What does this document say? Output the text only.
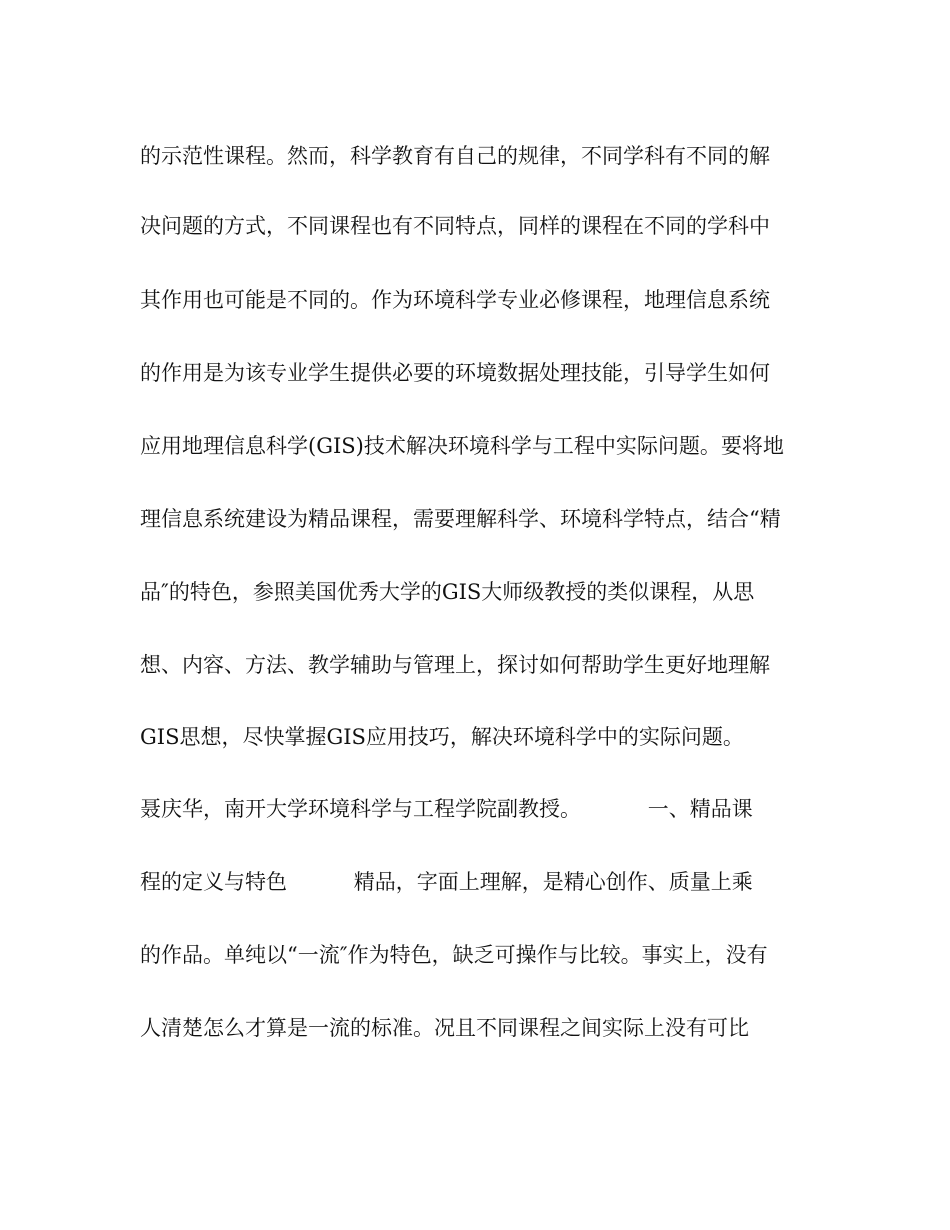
的示范性课程。然而，科学教育有自己的规律，不同学科有不同的解
决问题的方式，不同课程也有不同特点，同样的课程在不同的学科中
其作用也可能是不同的。作为环境科学专业必修课程，地理信息系统
的作用是为该专业学生提供必要的环境数据处理技能，引导学生如何
应用地理信息科学(GIS)技术解决环境科学与工程中实际问题。要将地
理信息系统建设为精品课程，需要理解科学、环境科学特点，结合“精
品″的特色，参照美国优秀大学的GIS大师级教授的类似课程，从思
想、内容、方法、教学辅助与管理上，探讨如何帮助学生更好地理解
GIS思想，尽快掌握GIS应用技巧，解决环境科学中的实际问题。
聂庆华，南开大学环境科学与工程学院副教授。          一、精品课
程的定义与特色          精品，字面上理解，是精心创作、质量上乘
的作品。单纯以“一流″作为特色，缺乏可操作与比较。事实上，没有
人清楚怎么才算是一流的标准。况且不同课程之间实际上没有可比
